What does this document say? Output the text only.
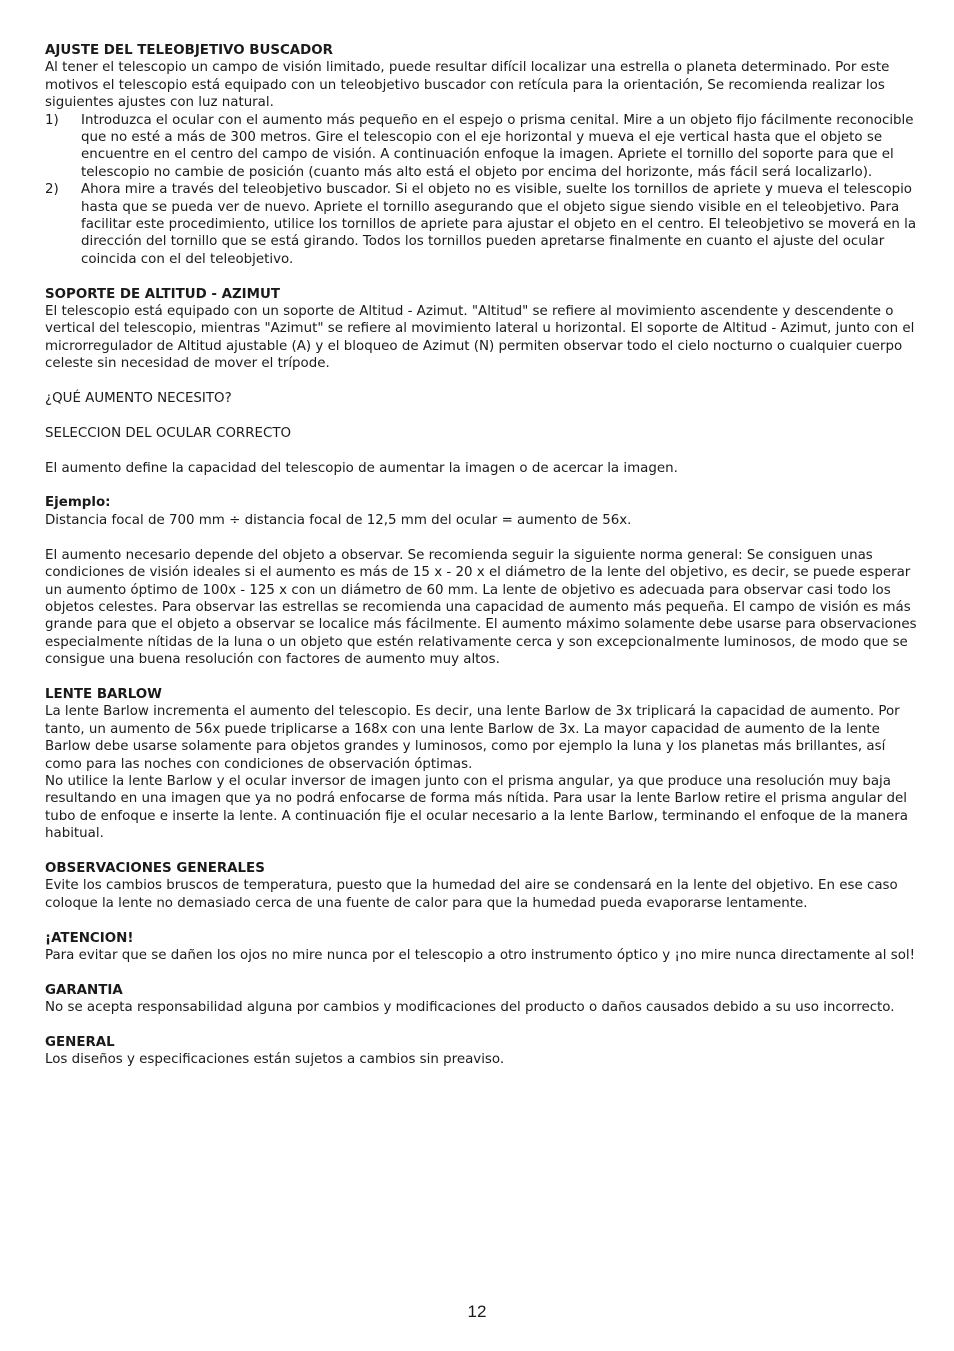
AJUSTE DEL TELEOBJETIVO BUSCADOR

Al tener el telescopio un campo de visión limitado, puede resultar difícil localizar una estrella o planeta determinado. Por este motivos el telescopio está equipado con un teleobjetivo buscador con retícula para la orientación, Se recomienda realizar los siguientes ajustes con luz natural.

1)	Introduzca el ocular con el aumento más pequeño en el espejo o prisma cenital. Mire a un objeto fijo fácilmente reconocible que no esté a más de 300 metros. Gire el telescopio con el eje horizontal y mueva el eje vertical hasta que el objeto se encuentre en el centro del campo de visión. A continuación enfoque la imagen. Apriete el tornillo del soporte para que el telescopio no cambie de posición (cuanto más alto está el objeto por encima del horizonte, más fácil será localizarlo).
2)	Ahora mire a través del teleobjetivo buscador. Si el objeto no es visible, suelte los tornillos de apriete y mueva el telescopio hasta que se pueda ver de nuevo. Apriete el tornillo asegurando que el objeto sigue siendo visible en el teleobjetivo. Para facilitar este procedimiento, utilice los tornillos de apriete para ajustar el objeto en el centro. El teleobjetivo se moverá en la dirección del tornillo que se está girando. Todos los tornillos pueden apretarse finalmente en cuanto el ajuste del ocular coincida con el del teleobjetivo.

SOPORTE DE ALTITUD - AZIMUT

El telescopio está equipado con un soporte de Altitud - Azimut. "Altitud" se refiere al movimiento ascendente y descendente o vertical del telescopio, mientras "Azimut" se refiere al movimiento lateral u horizontal. El soporte de Altitud - Azimut, junto con el microrregulador de Altitud ajustable (A) y el bloqueo de Azimut (N) permiten observar todo el cielo nocturno o cualquier cuerpo celeste sin necesidad de mover el trípode.

¿QUÉ AUMENTO NECESITO?

SELECCION DEL OCULAR CORRECTO

El aumento define la capacidad del telescopio de aumentar la imagen o de acercar la imagen.

Ejemplo:

Distancia focal de 700 mm ÷ distancia focal de 12,5 mm del ocular = aumento de 56x.

El aumento necesario depende del objeto a observar. Se recomienda seguir la siguiente norma general: Se consiguen unas condiciones de visión ideales si el aumento es más de 15 x - 20 x el diámetro de la lente del objetivo, es decir, se puede esperar un aumento óptimo de 100x - 125 x con un diámetro de 60 mm. La lente de objetivo es adecuada para observar casi todo los objetos celestes. Para observar las estrellas se recomienda una capacidad de aumento más pequeña. El campo de visión es más grande para que el objeto a observar se localice más fácilmente. El aumento máximo solamente debe usarse para observaciones especialmente nítidas de la luna o un objeto que estén relativamente cerca y son excepcionalmente luminosos, de modo que se consigue una buena resolución con factores de aumento muy altos.

LENTE BARLOW

La lente Barlow incrementa el aumento del telescopio. Es decir, una lente Barlow de 3x triplicará la capacidad de aumento. Por tanto, un aumento de 56x puede triplicarse a 168x con una lente Barlow de 3x. La mayor capacidad de aumento de la lente Barlow debe usarse solamente para objetos grandes y luminosos, como por ejemplo la luna y los planetas más brillantes, así como para las noches con condiciones de observación óptimas.

No utilice la lente Barlow y el ocular inversor de imagen junto con el prisma angular, ya que produce una resolución muy baja resultando en una imagen que ya no podrá enfocarse de forma más nítida. Para usar la lente Barlow retire el prisma angular del tubo de enfoque e inserte la lente. A continuación fije el ocular necesario a la lente Barlow, terminando el enfoque de la manera habitual.

OBSERVACIONES GENERALES

Evite los cambios bruscos de temperatura, puesto que la humedad del aire se condensará en la lente del objetivo. En ese caso coloque la lente no demasiado cerca de una fuente de calor para que la humedad pueda evaporarse lentamente.

¡ATENCION!

Para evitar que se dañen los ojos no mire nunca por el telescopio a otro instrumento óptico y ¡no mire nunca directamente al sol!

GARANTIA

No se acepta responsabilidad alguna por cambios y modificaciones del producto o daños causados debido a su uso incorrecto.

GENERAL

Los diseños y especificaciones están sujetos a cambios sin preaviso.

12
